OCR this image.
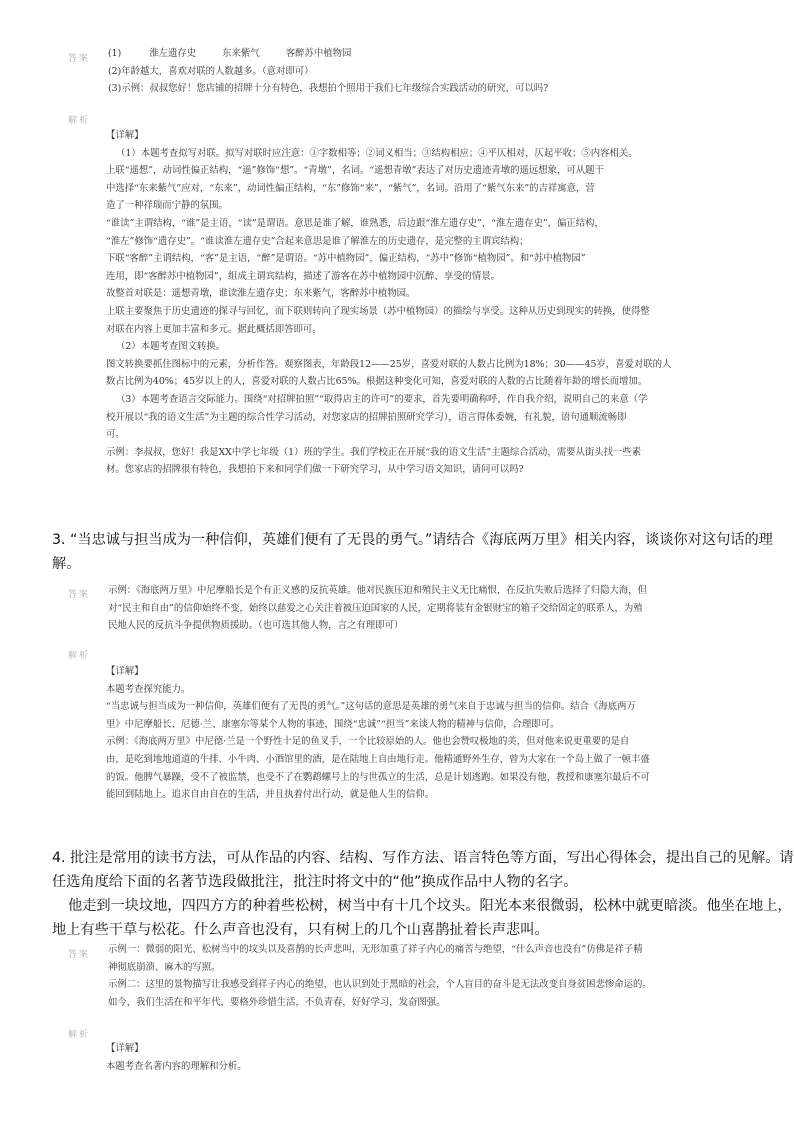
答案 (1)	淮左遗存史	东来紫气	客醉苏中植物园
(2)年龄越大，喜欢对联的人数越多。（意对即可）
(3)示例：叔叔您好！您店铺的招牌十分有特色，我想拍个照用于我们七年级综合实践活动的研究，可以吗?
解析
【详解】
（1）本题考查拟写对联。拟写对联时应注意：①字数相等；②词义相当；③结构相应；④平仄相对，仄起平收；⑤内容相关。
上联“遥想”，动词性偏正结构，“遥”修饰“想”。“青墩”，名词。“遥想青墩”表达了对历史遗迹青墩的遥远想象，可从题干
中选择“东来紫气”应对，“东来”，动词性偏正结构，“东”修饰“来”，“紫气”，名词。沿用了“紫气东来”的吉祥寓意，营
造了一种祥瑞而宁静的氛围。
“谁读”主谓结构，“谁”是主语，“读”是谓语。意思是谁了解，谁熟悉，后边跟“淮左遗存史”，“淮左遗存史”，偏正结构，
“淮左”修饰“遗存史”。“谁读淮左遗存史”合起来意思是谁了解淮左的历史遗存，是完整的主谓宾结构；
下联“客醉”主谓结构，“客”是主语，“醉”是谓语。“苏中植物园”，偏正结构，“苏中”修饰“植物园”。和“苏中植物园”
连用，即“客醉苏中植物园”，组成主谓宾结构，描述了游客在苏中植物园中沉醉、享受的情景。
故整首对联是：遥想青墩，谁读淮左遗存史；东来紫气，客醉苏中植物园。
上联主要聚焦于历史遗迹的探寻与回忆，而下联则转向了现实场景（苏中植物园）的描绘与享受。这种从历史到现实的转换，使得整
对联在内容上更加丰富和多元。据此概括即答即可。
（2）本题考查图文转换。
图文转换要抓住图标中的元素，分析作答。观察图表，年龄段12——25岁，喜爱对联的人数占比例为18%；30——45岁，喜爱对联的人
数占比例为40%；45岁以上的人，喜爱对联的人数占比65%。根据这种变化可知，喜爱对联的人数的占比随着年龄的增长而增加。
（3）本题考查语言交际能力。围绕“对招牌拍照”“取得店主的许可”的要求，首先要明确称呼，作自我介绍，说明自己的来意（学
校开展以“我的语文生活”为主题的综合性学习活动，对您家店的招牌拍照研究学习），语言得体委婉，有礼貌，语句通顺流畅即
可。
示例：李叔叔，您好！我是XX中学七年级（1）班的学生。我们学校正在开展“我的语文生活”主题综合活动，需要从街头找一些素
材。您家店的招牌很有特色，我想拍下来和同学们做一下研究学习，从中学习语文知识，请问可以吗?
3. “当忠诚与担当成为一种信仰，英雄们便有了无畏的勇气。”请结合《海底两万里》相关内容，谈谈你对这句话的理
解。
答案 示例：《海底两万里》中尼摩船长是个有正义感的反抗英雄。他对民族压迫和殖民主义无比痛恨，在反抗失败后选择了归隐大海，但
对“民主和自由”的信仰始终不变，始终以慈爱之心关注着被压迫国家的人民，定期将装有金银财宝的箱子交给固定的联系人，为殖
民地人民的反抗斗争提供物质援助。（也可选其他人物，言之有理即可）
解析
【详解】
本题考查探究能力。
“当忠诚与担当成为一种信仰，英雄们便有了无畏的勇气。”这句话的意思是英雄的勇气来自于忠诚与担当的信仰。结合《海底两万
里》中尼摩船长、尼德·兰、康塞尔等某个人物的事迹，围绕“忠诚”“担当”来谈人物的精神与信仰，合理即可。
示例：《海底两万里》中尼德·兰是一个野性十足的鱼叉手，一个比较原始的人。他也会赞叹极地的美，但对他来说更重要的是自
由，是吃到地地道道的牛排、小牛肉、小酒馆里的酒，是在陆地上自由地行走。他精通野外生存，曾为大家在一个岛上做了一顿丰盛
的饭。他脾气暴躁，受不了被监禁，也受不了在鹦鹉螺号上的与世孤立的生活，总是计划逃跑。如果没有他，教授和康塞尔最后不可
能回到陆地上。追求自由自在的生活，并且执着付出行动，就是他人生的信仰。
4. 批注是常用的读书方法，可从作品的内容、结构、写作方法、语言特色等方面，写出心得体会，提出自己的见解。请
任选角度给下面的名著节选段做批注，批注时将文中的“他”换成作品中人物的名字。
他走到一块坟地，四四方方的种着些松树，树当中有十几个坟头。阳光本来很微弱，松林中就更暗淡。他坐在地上，
地上有些干草与松花。什么声音也没有，只有树上的几个山喜鹊扯着长声悲叫。
答案 示例一：微弱的阳光、松树当中的坟头以及喜鹊的长声悲叫，无形加重了祥子内心的痛苦与绝望，“什么声音也没有”仿佛是祥子精
神彻底崩溃、麻木的写照。
示例二：这里的景物描写让我感受到祥子内心的绝望，也认识到处于黑暗的社会，个人盲目的奋斗是无法改变自身贫困悲惨命运的。
如今，我们生活在和平年代，要格外珍惜生活，不负青春，好好学习，发奋图强。
解析
【详解】
本题考查名著内容的理解和分析。
